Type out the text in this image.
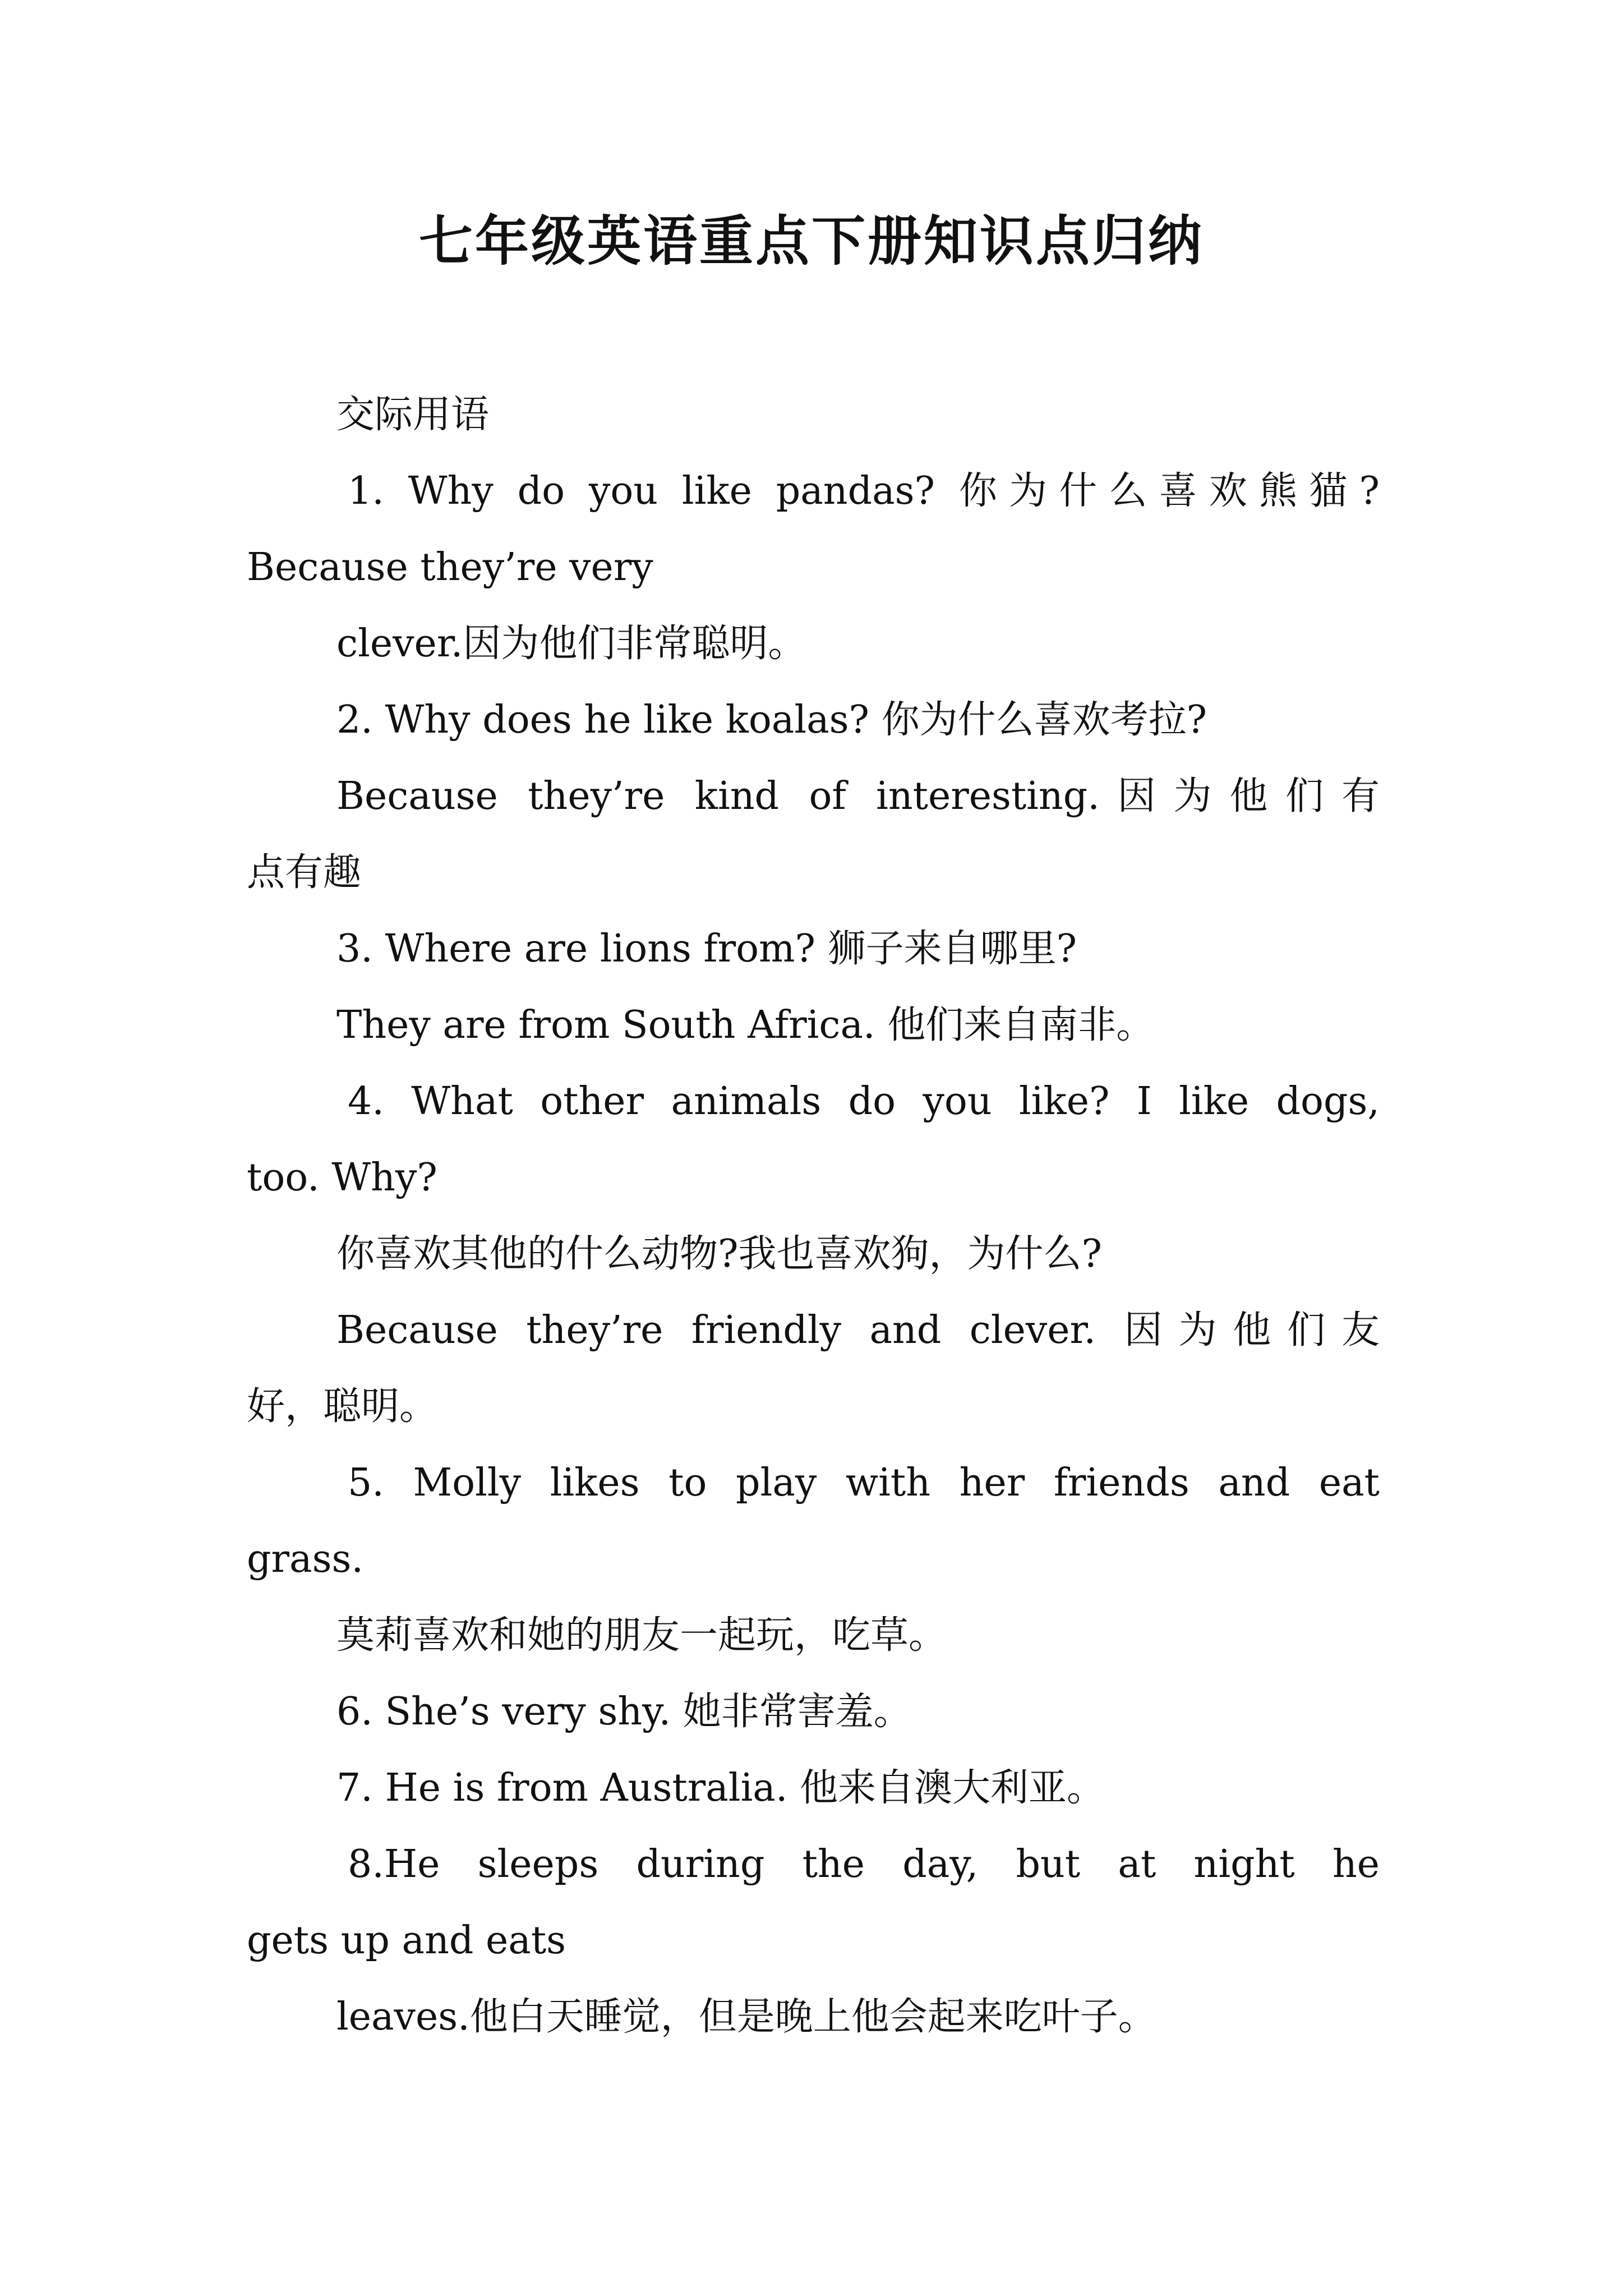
七年级英语重点下册知识点归纳
交际用语
1. Why do you like pandas? 你为什么喜欢熊猫?
Because they’re very
clever.因为他们非常聪明。
2. Why does he like koalas? 你为什么喜欢考拉?
Because they’re kind of interesting.因为他们有
点有趣
3. Where are lions from? 狮子来自哪里?
They are from South Africa. 他们来自南非。
4. What other animals do you like? I like dogs,
too. Why?
你喜欢其他的什么动物?我也喜欢狗，为什么?
Because they’re friendly and clever. 因为他们友
好，聪明。
5. Molly likes to play with her friends and eat
grass.
莫莉喜欢和她的朋友一起玩，吃草。
6. She’s very shy. 她非常害羞。
7. He is from Australia. 他来自澳大利亚。
8.He sleeps during the day, but at night he
gets up and eats
leaves.他白天睡觉，但是晚上他会起来吃叶子。
